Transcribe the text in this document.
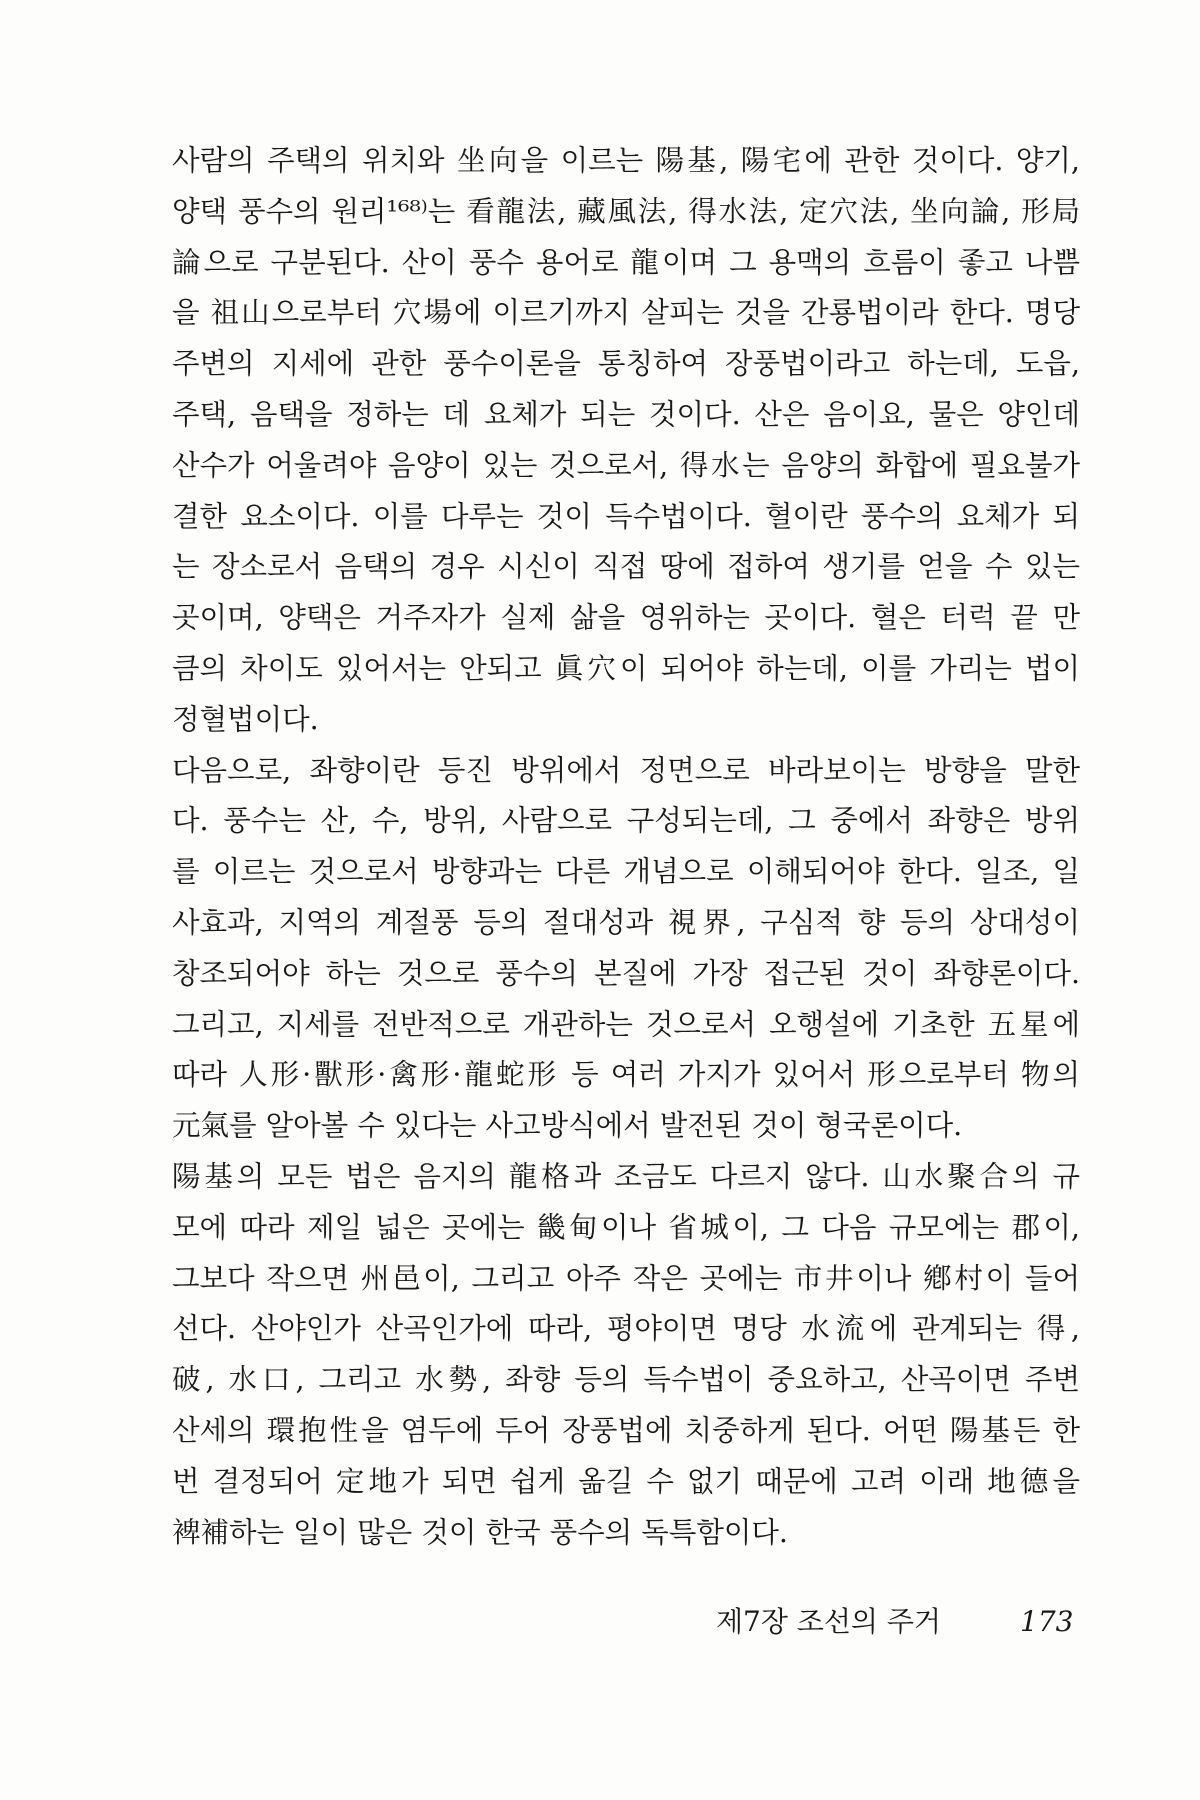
사람의 주택의 위치와 坐向을 이르는 陽基, 陽宅에 관한 것이다. 양기,
양택 풍수의 원리¹⁶⁸⁾는 看龍法, 藏風法, 得水法, 定穴法, 坐向論, 形局
論으로 구분된다. 산이 풍수 용어로 龍이며 그 용맥의 흐름이 좋고 나쁨
을 祖山으로부터 穴場에 이르기까지 살피는 것을 간룡법이라 한다. 명당
주변의 지세에 관한 풍수이론을 통칭하여 장풍법이라고 하는데, 도읍,
주택, 음택을 정하는 데 요체가 되는 것이다. 산은 음이요, 물은 양인데
산수가 어울려야 음양이 있는 것으로서, 得水는 음양의 화합에 필요불가
결한 요소이다. 이를 다루는 것이 득수법이다. 혈이란 풍수의 요체가 되
는 장소로서 음택의 경우 시신이 직접 땅에 접하여 생기를 얻을 수 있는
곳이며, 양택은 거주자가 실제 삶을 영위하는 곳이다. 혈은 터럭 끝 만
큼의 차이도 있어서는 안되고 眞穴이 되어야 하는데, 이를 가리는 법이
정혈법이다.
다음으로, 좌향이란 등진 방위에서 정면으로 바라보이는 방향을 말한
다. 풍수는 산, 수, 방위, 사람으로 구성되는데, 그 중에서 좌향은 방위
를 이르는 것으로서 방향과는 다른 개념으로 이해되어야 한다. 일조, 일
사효과, 지역의 계절풍 등의 절대성과 視界, 구심적 향 등의 상대성이
창조되어야 하는 것으로 풍수의 본질에 가장 접근된 것이 좌향론이다.
그리고, 지세를 전반적으로 개관하는 것으로서 오행설에 기초한 五星에
따라 人形·獸形·禽形·龍蛇形 등 여러 가지가 있어서 形으로부터 物의
元氣를 알아볼 수 있다는 사고방식에서 발전된 것이 형국론이다.
陽基의 모든 법은 음지의 龍格과 조금도 다르지 않다. 山水聚合의 규
모에 따라 제일 넓은 곳에는 畿甸이나 省城이, 그 다음 규모에는 郡이,
그보다 작으면 州邑이, 그리고 아주 작은 곳에는 市井이나 鄕村이 들어
선다. 산야인가 산곡인가에 따라, 평야이면 명당 水流에 관계되는 得,
破, 水口, 그리고 水勢, 좌향 등의 득수법이 중요하고, 산곡이면 주변
산세의 環抱性을 염두에 두어 장풍법에 치중하게 된다. 어떤 陽基든 한
번 결정되어 定地가 되면 쉽게 옮길 수 없기 때문에 고려 이래 地德을
裨補하는 일이 많은 것이 한국 풍수의 독특함이다.
제7장 조선의 주거	173
